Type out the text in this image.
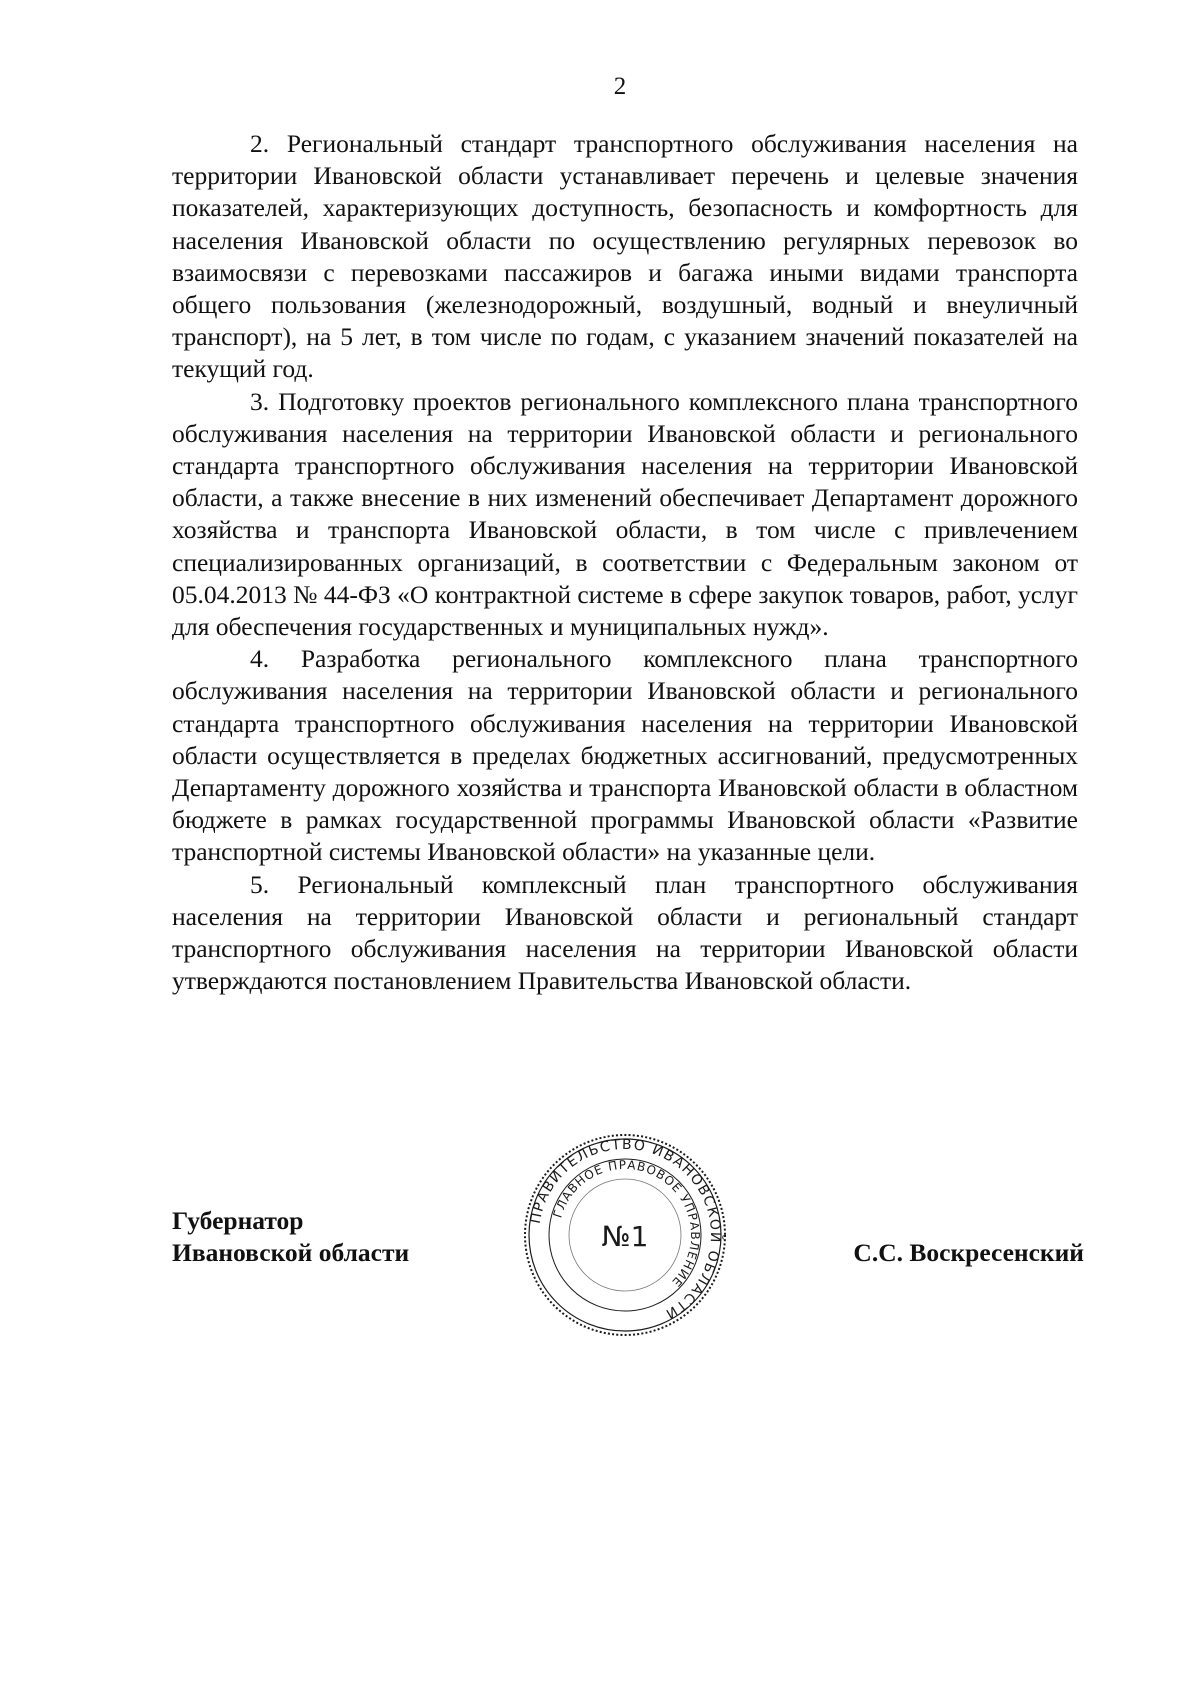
2

2. Региональный стандарт транспортного обслуживания населения на территории Ивановской области устанавливает перечень и целевые значения показателей, характеризующих доступность, безопасность и комфортность для населения Ивановской области по осуществлению регулярных перевозок во взаимосвязи с перевозками пассажиров и багажа иными видами транспорта общего пользования (железнодорожный, воздушный, водный и внеуличный транспорт), на 5 лет, в том числе по годам, с указанием значений показателей на текущий год.

3. Подготовку проектов регионального комплексного плана транспортного обслуживания населения на территории Ивановской области и регионального стандарта транспортного обслуживания населения на территории Ивановской области, а также внесение в них изменений обеспечивает Департамент дорожного хозяйства и транспорта Ивановской области, в том числе с привлечением специализированных организаций, в соответствии с Федеральным законом от 05.04.2013 № 44-ФЗ «О контрактной системе в сфере закупок товаров, работ, услуг для обеспечения государственных и муниципальных нужд».

4. Разработка регионального комплексного плана транспортного обслуживания населения на территории Ивановской области и регионального стандарта транспортного обслуживания населения на территории Ивановской области осуществляется в пределах бюджетных ассигнований, предусмотренных Департаменту дорожного хозяйства и транспорта Ивановской области в областном бюджете в рамках государственной программы Ивановской области «Развитие транспортной системы Ивановской области» на указанные цели.

5. Региональный комплексный план транспортного обслуживания населения на территории Ивановской области и региональный стандарт транспортного обслуживания населения на территории Ивановской области утверждаются постановлением Правительства Ивановской области.

ПРАВИТЕЛЬСТВО ИВАНОВСКОЙ ОБЛАСТИ
ГЛАВНОЕ ПРАВОВОЕ УПРАВЛЕНИЕ
№1
Губернатор
Ивановской области	С.С. Воскресенский
